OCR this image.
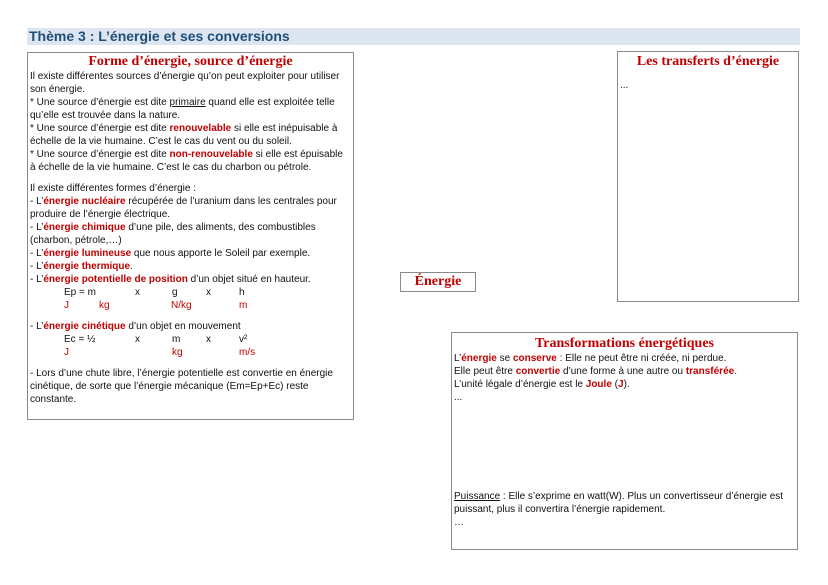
Thème 3 : L’énergie et ses conversions
Forme d’énergie, source d’énergie
Il existe différentes sources d’énergie qu’on peut exploiter pour utiliser son énergie.
* Une source d’énergie est dite primaire quand elle est exploitée telle qu’elle est trouvée dans la nature.
* Une source d’énergie est dite renouvelable si elle est inépuisable à échelle de la vie humaine. C’est le cas du vent ou du soleil.
* Une source d’énergie est dite non-renouvelable si elle est épuisable à échelle de la vie humaine. C’est le cas du charbon ou pétrole.
Il existe différentes formes d’énergie :
- L’énergie nucléaire récupérée de l’uranium dans les centrales pour produire de l’énergie électrique.
- L’énergie chimique d’une pile, des aliments, des combustibles (charbon, pétrole,…)
- L’énergie lumineuse que nous apporte le Soleil par exemple.
- L’énergie thermique.
- L’énergie potentielle de position d’un objet situé en hauteur.
Ep = m	x	g	x	h
J	kg	N/kg	m
- L’énergie cinétique d’un objet en mouvement
Ec = ½	x	m	x	v²
J	kg	m/s
- Lors d’une chute libre, l’énergie potentielle est convertie en énergie cinétique, de sorte que l’énergie mécanique (Em=Ep+Ec) reste constante.
Les transferts d’énergie
...
Énergie
Transformations énergétiques
L’énergie se conserve : Elle ne peut être ni créée, ni perdue.
Elle peut être convertie d’une forme à une autre ou transférée.
L’unité légale d’énergie est le Joule (J).
...
Puissance : Elle s’exprime en watt(W). Plus un convertisseur d’énergie est puissant, plus il convertira l’énergie rapidement.
…
